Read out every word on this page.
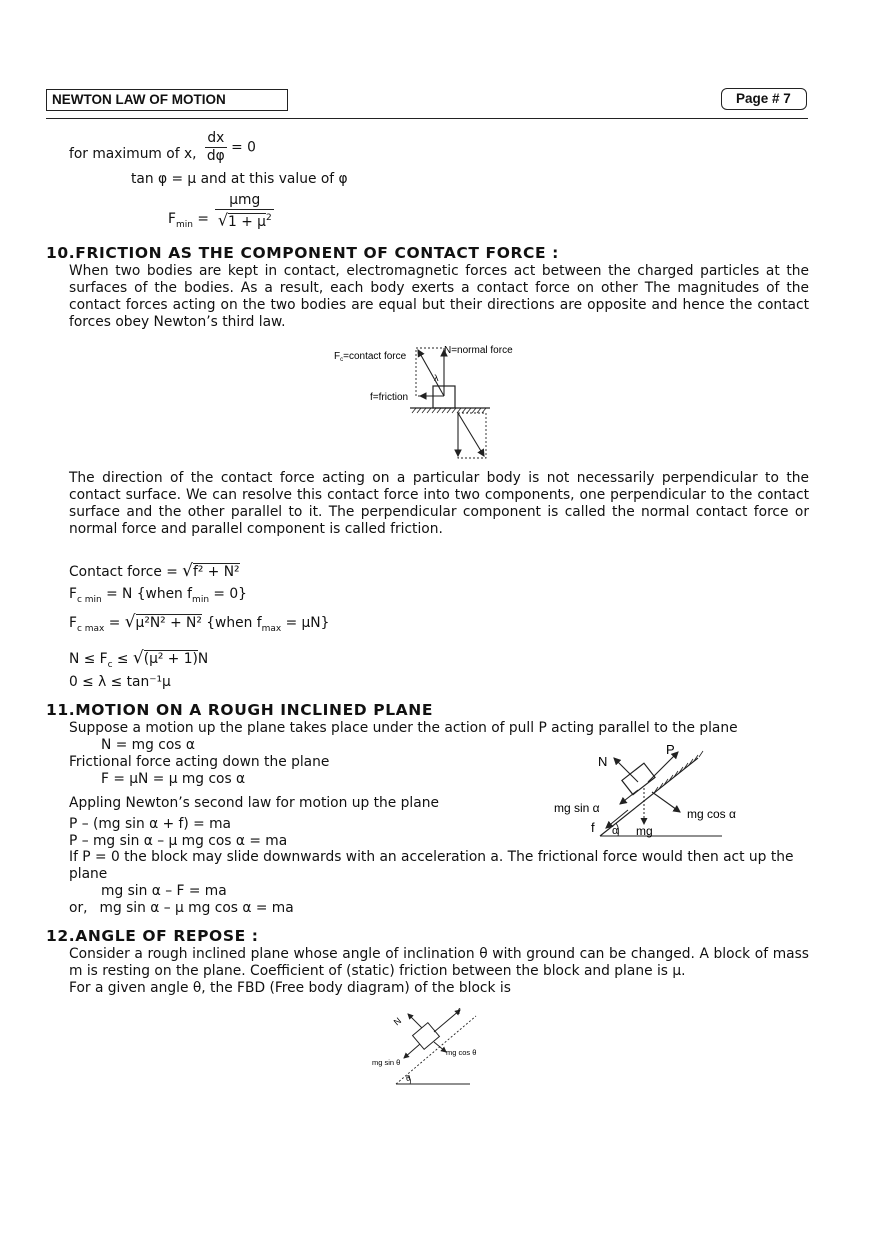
NEWTON LAW OF MOTION	Page # 7
for maximum of x, $\frac{dx}{d\varphi} = 0$
tan φ = μ and at this value of φ
$F_{min} = \frac{\text{μmg}}{√1 + \mu^2}$
10.FRICTION AS THE COMPONENT OF CONTACT FORCE :
When two bodies are kept in contact, electromagnetic forces act between the charged particles at the surfaces of the bodies. As a result, each body exerts a contact force on other The magnitudes of the contact forces acting on the two bodies are equal but their directions are opposite and hence the contact forces obey Newton’s third law.
$F_c=contact$ force
N=normal force
f=friction
λ
The direction of the contact force acting on a particular body is not necessarily perpendicular to the contact surface. We can resolve this contact force into two components, one perpendicular to the contact surface and the other parallel to it. The perpendicular component is called the normal contact force or normal force and parallel component is called friction.
Contact force = √f² + N²
$F_{c min} = N$ {when $f_{min} = 0$}
$F_{c max} = √\mu^2N^2 + N^2$ {when $f_{max} = \mu N$}
$N \le F_c \le √(\mu^2 + 1)N$
0 ≤ λ ≤ tan⁻¹μ
11.MOTION ON A ROUGH INCLINED PLANE
Suppose a motion up the plane takes place under the action of pull P acting parallel to the plane
N = mg cos α
Frictional force acting down the plane
F = μN = μ mg cos α
Appling Newton’s second law for motion up the plane
P – (mg sin α + f) = ma
P – mg sin α – μ mg cos α = ma
If P = 0 the block may slide downwards with an acceleration a. The frictional force would then act up the plane
mg sin α – F = ma
or, mg sin α – μ mg cos α = ma
P
N
mg sin α	mg cos α
f α mg
12.ANGLE OF REPOSE :
Consider a rough inclined plane whose angle of inclination θ with ground can be changed. A block of mass m is resting on the plane. Coefficient of (static) friction between the block and plane is μ.
For a given angle θ, the FBD (Free body diagram) of the block is
N
f
mg cos θ
mg sin θ
θ
